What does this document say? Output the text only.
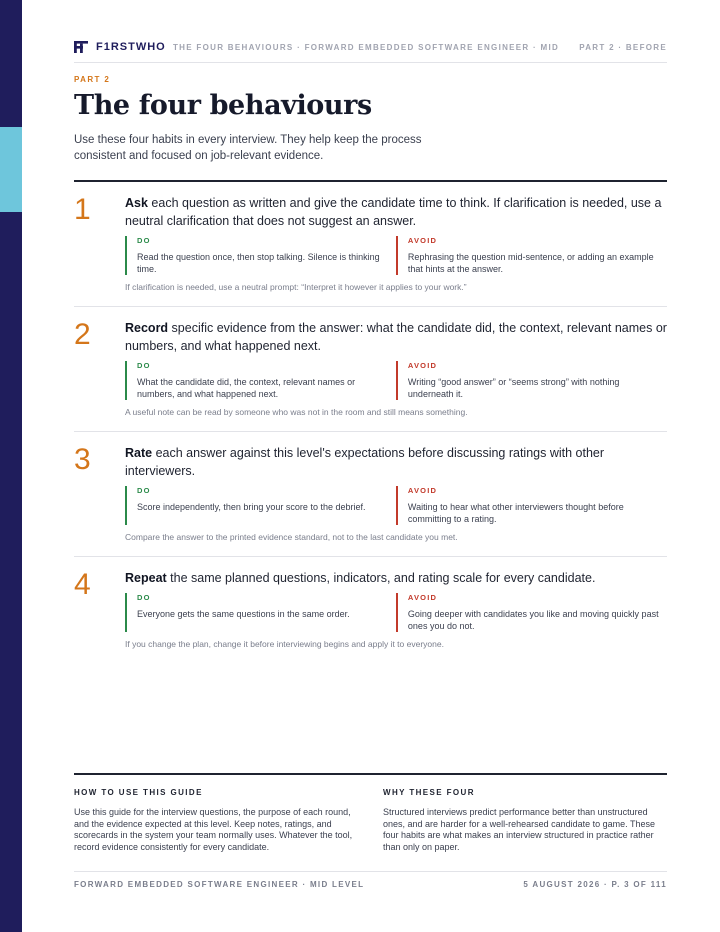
F1RSTWHO THE FOUR BEHAVIOURS · FORWARD EMBEDDED SOFTWARE ENGINEER · MID	PART 2 · BEFORE
PART 2
The four behaviours
Use these four habits in every interview. They help keep the process consistent and focused on job-relevant evidence.
1	Ask each question as written and give the candidate time to think. If clarification is needed, use a neutral clarification that does not suggest an answer.
DO
Read the question once, then stop talking. Silence is thinking time.
AVOID
Rephrasing the question mid-sentence, or adding an example that hints at the answer.
If clarification is needed, use a neutral prompt: “Interpret it however it applies to your work.”
2	Record specific evidence from the answer: what the candidate did, the context, relevant names or numbers, and what happened next.
DO
What the candidate did, the context, relevant names or numbers, and what happened next.
AVOID
Writing “good answer” or “seems strong” with nothing underneath it.
A useful note can be read by someone who was not in the room and still means something.
3	Rate each answer against this level's expectations before discussing ratings with other interviewers.
DO
Score independently, then bring your score to the debrief.
AVOID
Waiting to hear what other interviewers thought before committing to a rating.
Compare the answer to the printed evidence standard, not to the last candidate you met.
4	Repeat the same planned questions, indicators, and rating scale for every candidate.
DO
Everyone gets the same questions in the same order.
AVOID
Going deeper with candidates you like and moving quickly past ones you do not.
If you change the plan, change it before interviewing begins and apply it to everyone.
HOW TO USE THIS GUIDE
Use this guide for the interview questions, the purpose of each round, and the evidence expected at this level. Keep notes, ratings, and scorecards in the system your team normally uses. Whatever the tool, record evidence consistently for every candidate.
WHY THESE FOUR
Structured interviews predict performance better than unstructured ones, and are harder for a well-rehearsed candidate to game. These four habits are what makes an interview structured in practice rather than only on paper.
FORWARD EMBEDDED SOFTWARE ENGINEER · MID LEVEL	5 AUGUST 2026 · P. 3 OF 111
